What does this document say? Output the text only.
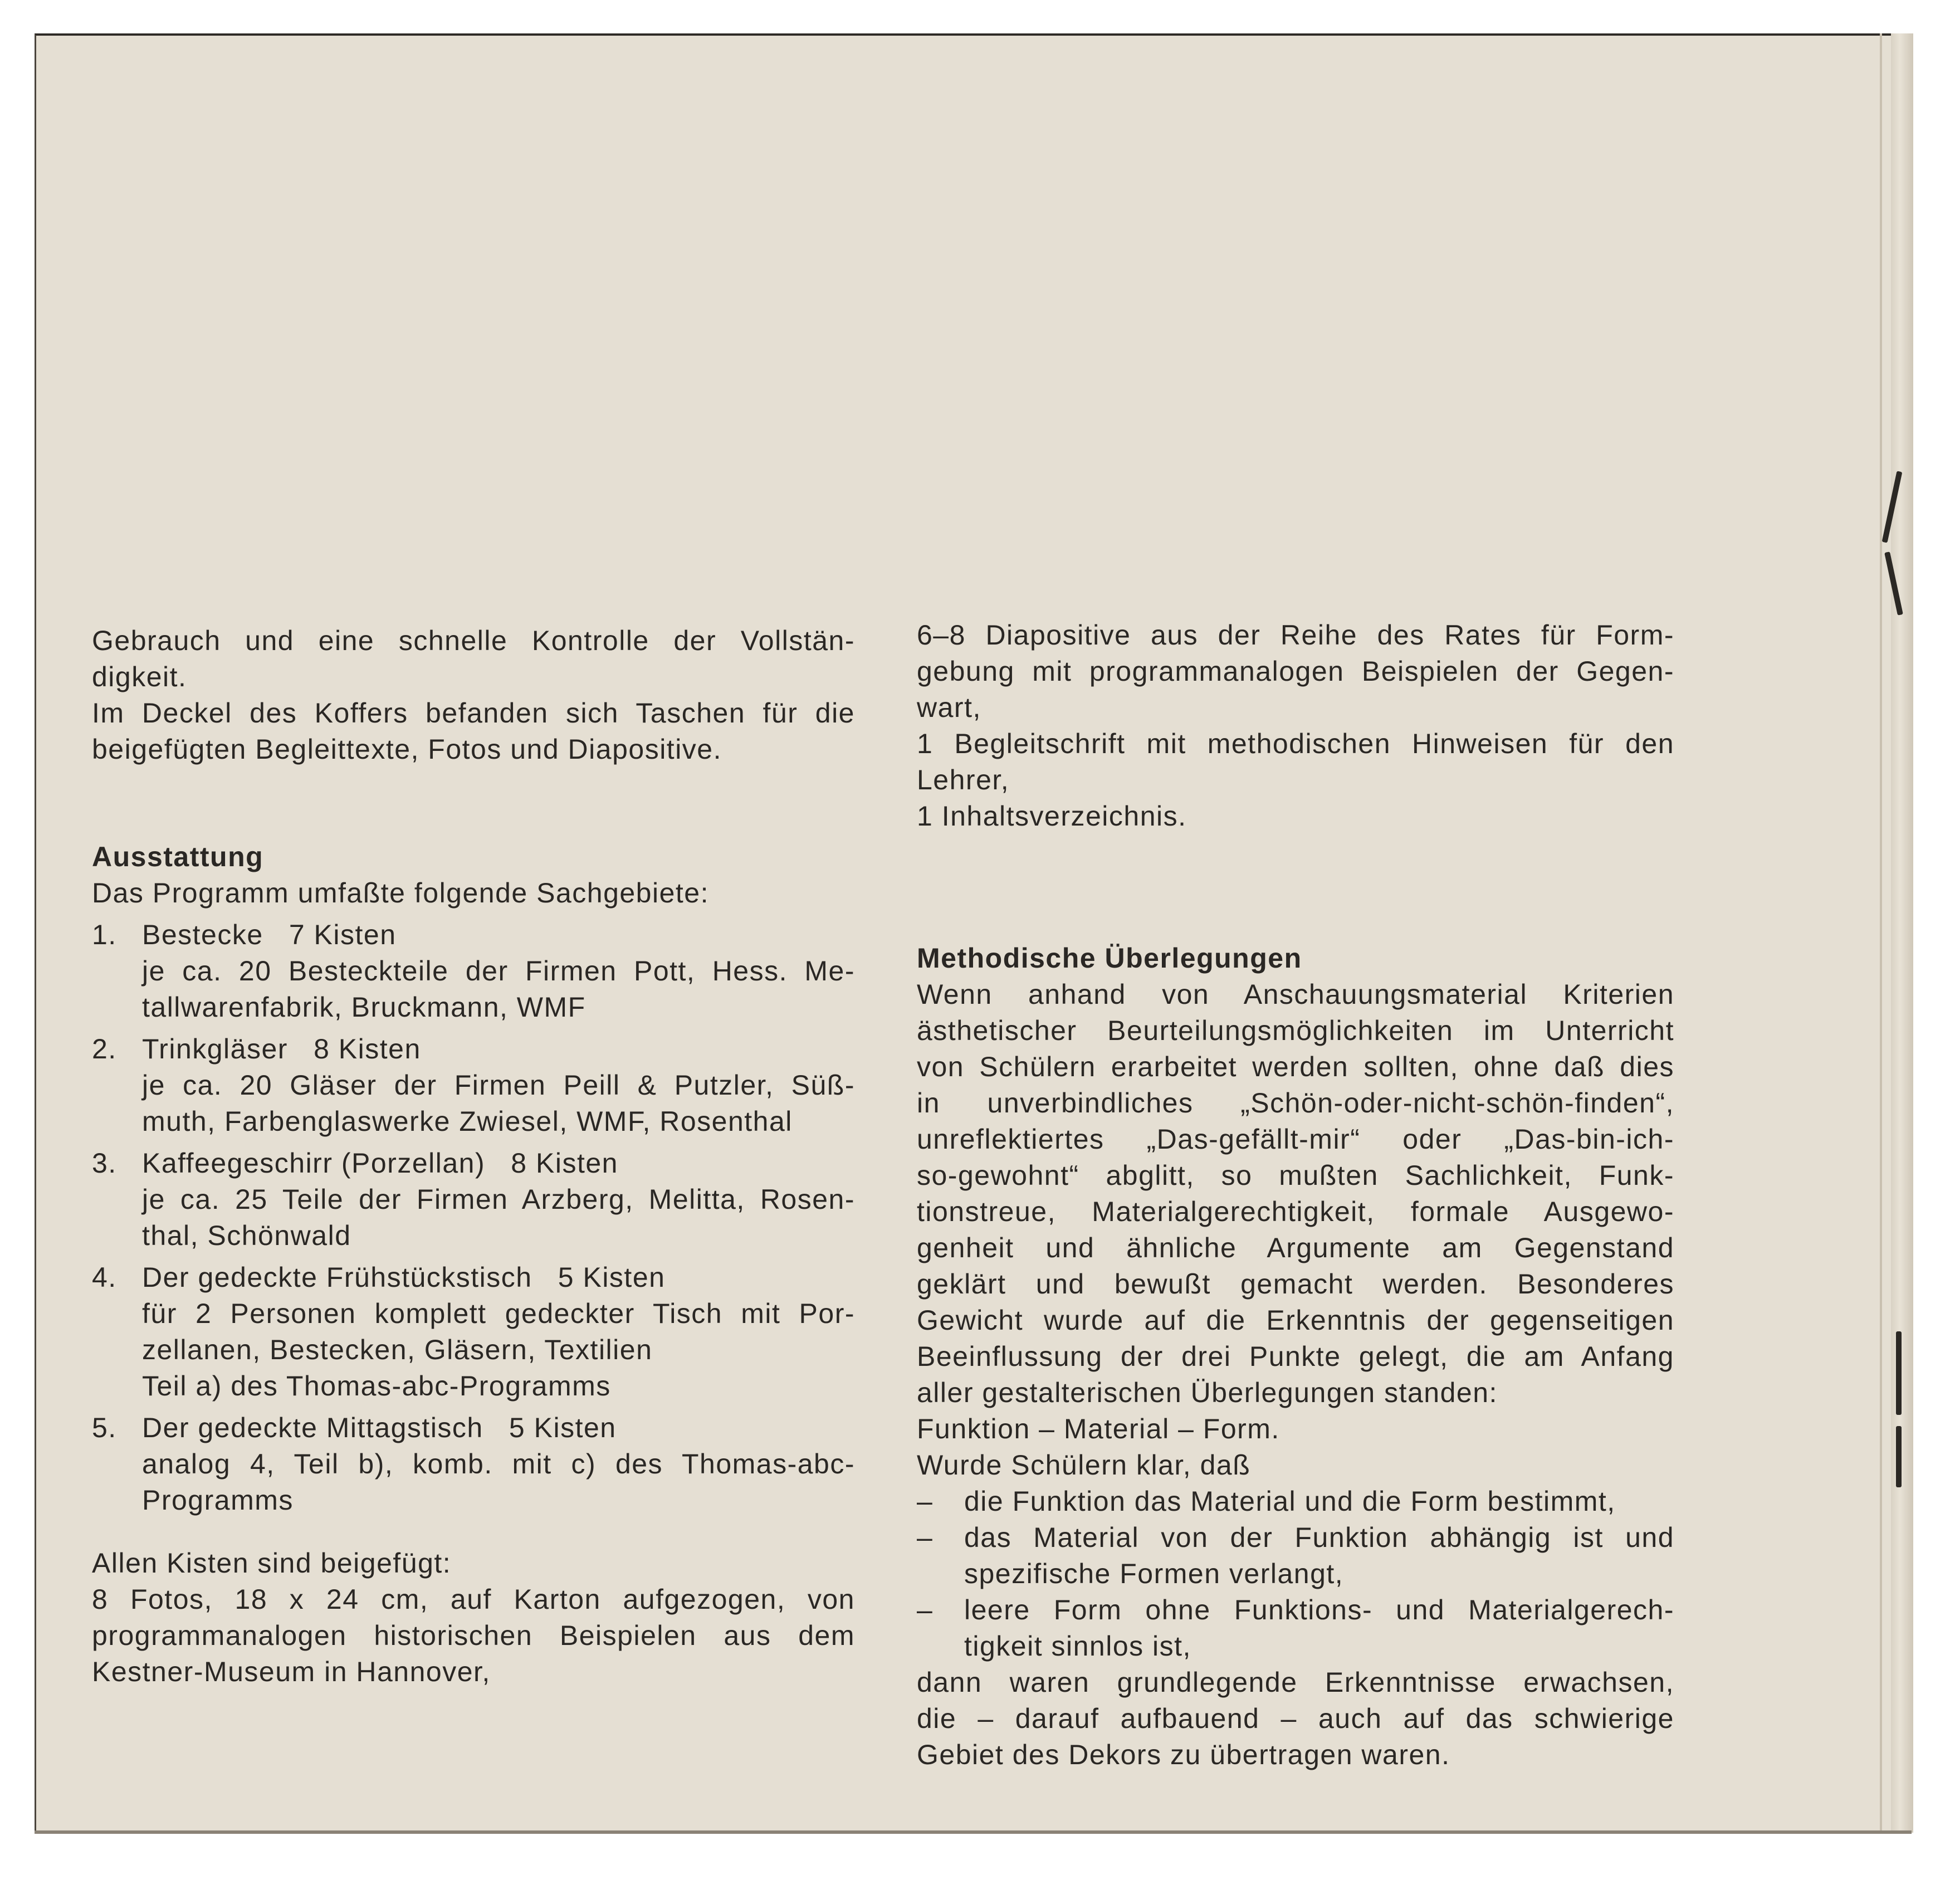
Gebrauch und eine schnelle Kontrolle der Vollstän-

digkeit.

Im Deckel des Koffers befanden sich Taschen für die

beigefügten Begleittexte, Fotos und Diapositive.

Ausstattung

Das Programm umfaßte folgende Sachgebiete:

1. Bestecke   7 Kisten

je ca. 20 Besteckteile der Firmen Pott, Hess. Me-

tallwarenfabrik, Bruckmann, WMF

2. Trinkgläser   8 Kisten

je ca. 20 Gläser der Firmen Peill & Putzler, Süß-

muth, Farbenglaswerke Zwiesel, WMF, Rosenthal

3. Kaffeegeschirr (Porzellan)   8 Kisten

je ca. 25 Teile der Firmen Arzberg, Melitta, Rosen-

thal, Schönwald

4. Der gedeckte Frühstückstisch   5 Kisten

für 2 Personen komplett gedeckter Tisch mit Por-

zellanen, Bestecken, Gläsern, Textilien

Teil a) des Thomas-abc-Programms

5. Der gedeckte Mittagstisch   5 Kisten

analog 4, Teil b), komb. mit c) des Thomas-abc-

Programms

Allen Kisten sind beigefügt:

8 Fotos, 18 x 24 cm, auf Karton aufgezogen, von

programmanalogen historischen Beispielen aus dem

Kestner-Museum in Hannover,

6–8 Diapositive aus der Reihe des Rates für Form-

gebung mit programmanalogen Beispielen der Gegen-

wart,

1 Begleitschrift mit methodischen Hinweisen für den

Lehrer,

1 Inhaltsverzeichnis.

Methodische Überlegungen

Wenn anhand von Anschauungsmaterial Kriterien

ästhetischer Beurteilungsmöglichkeiten im Unterricht

von Schülern erarbeitet werden sollten, ohne daß dies

in unverbindliches „Schön-oder-nicht-schön-finden“,

unreflektiertes „Das-gefällt-mir“ oder „Das-bin-ich-

so-gewohnt“ abglitt, so mußten Sachlichkeit, Funk-

tionstreue, Materialgerechtigkeit, formale Ausgewo-

genheit und ähnliche Argumente am Gegenstand

geklärt und bewußt gemacht werden. Besonderes

Gewicht wurde auf die Erkenntnis der gegenseitigen

Beeinflussung der drei Punkte gelegt, die am Anfang

aller gestalterischen Überlegungen standen:

Funktion – Material – Form.

Wurde Schülern klar, daß

–	die Funktion das Material und die Form bestimmt,

–	das Material von der Funktion abhängig ist und

spezifische Formen verlangt,

–	leere Form ohne Funktions- und Materialgerech-

tigkeit sinnlos ist,

dann waren grundlegende Erkenntnisse erwachsen,

die – darauf aufbauend – auch auf das schwierige

Gebiet des Dekors zu übertragen waren.
